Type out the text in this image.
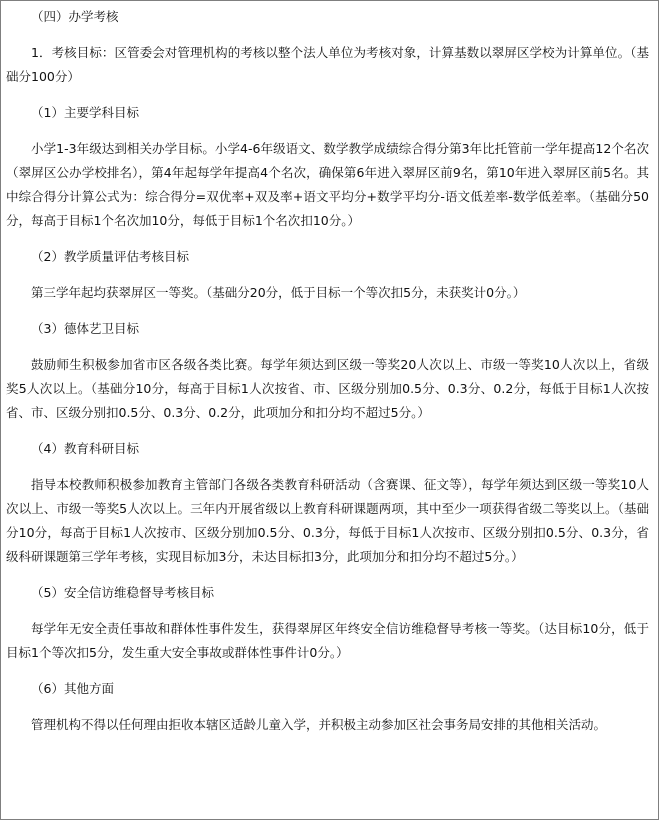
（四）办学考核

1．考核目标：区管委会对管理机构的考核以整个法人单位为考核对象，计算基数以翠屏区学校为计算单位。（基础分100分）

（1）主要学科目标

小学1-3年级达到相关办学目标。小学4-6年级语文、数学教学成绩综合得分第3年比托管前一学年提高12个名次（翠屏区公办学校排名），第4年起每学年提高4个名次，确保第6年进入翠屏区前9名，第10年进入翠屏区前5名。其中综合得分计算公式为：综合得分=双优率+双及率+语文平均分+数学平均分-语文低差率-数学低差率。（基础分50分，每高于目标1个名次加10分，每低于目标1个名次扣10分。）

（2）教学质量评估考核目标

第三学年起均获翠屏区一等奖。（基础分20分，低于目标一个等次扣5分，未获奖计0分。）

（3）德体艺卫目标

鼓励师生积极参加省市区各级各类比赛。每学年须达到区级一等奖20人次以上、市级一等奖10人次以上，省级奖5人次以上。（基础分10分，每高于目标1人次按省、市、区级分别加0.5分、0.3分、0.2分，每低于目标1人次按省、市、区级分别扣0.5分、0.3分、0.2分，此项加分和扣分均不超过5分。）

（4）教育科研目标

指导本校教师积极参加教育主管部门各级各类教育科研活动（含赛课、征文等），每学年须达到区级一等奖10人次以上、市级一等奖5人次以上。三年内开展省级以上教育科研课题两项，其中至少一项获得省级二等奖以上。（基础分10分，每高于目标1人次按市、区级分别加0.5分、0.3分，每低于目标1人次按市、区级分别扣0.5分、0.3分，省级科研课题第三学年考核，实现目标加3分，未达目标扣3分，此项加分和扣分均不超过5分。）

（5）安全信访维稳督导考核目标

每学年无安全责任事故和群体性事件发生，获得翠屏区年终安全信访维稳督导考核一等奖。（达目标10分，低于目标1个等次扣5分，发生重大安全事故或群体性事件计0分。）

（6）其他方面

管理机构不得以任何理由拒收本辖区适龄儿童入学，并积极主动参加区社会事务局安排的其他相关活动。
